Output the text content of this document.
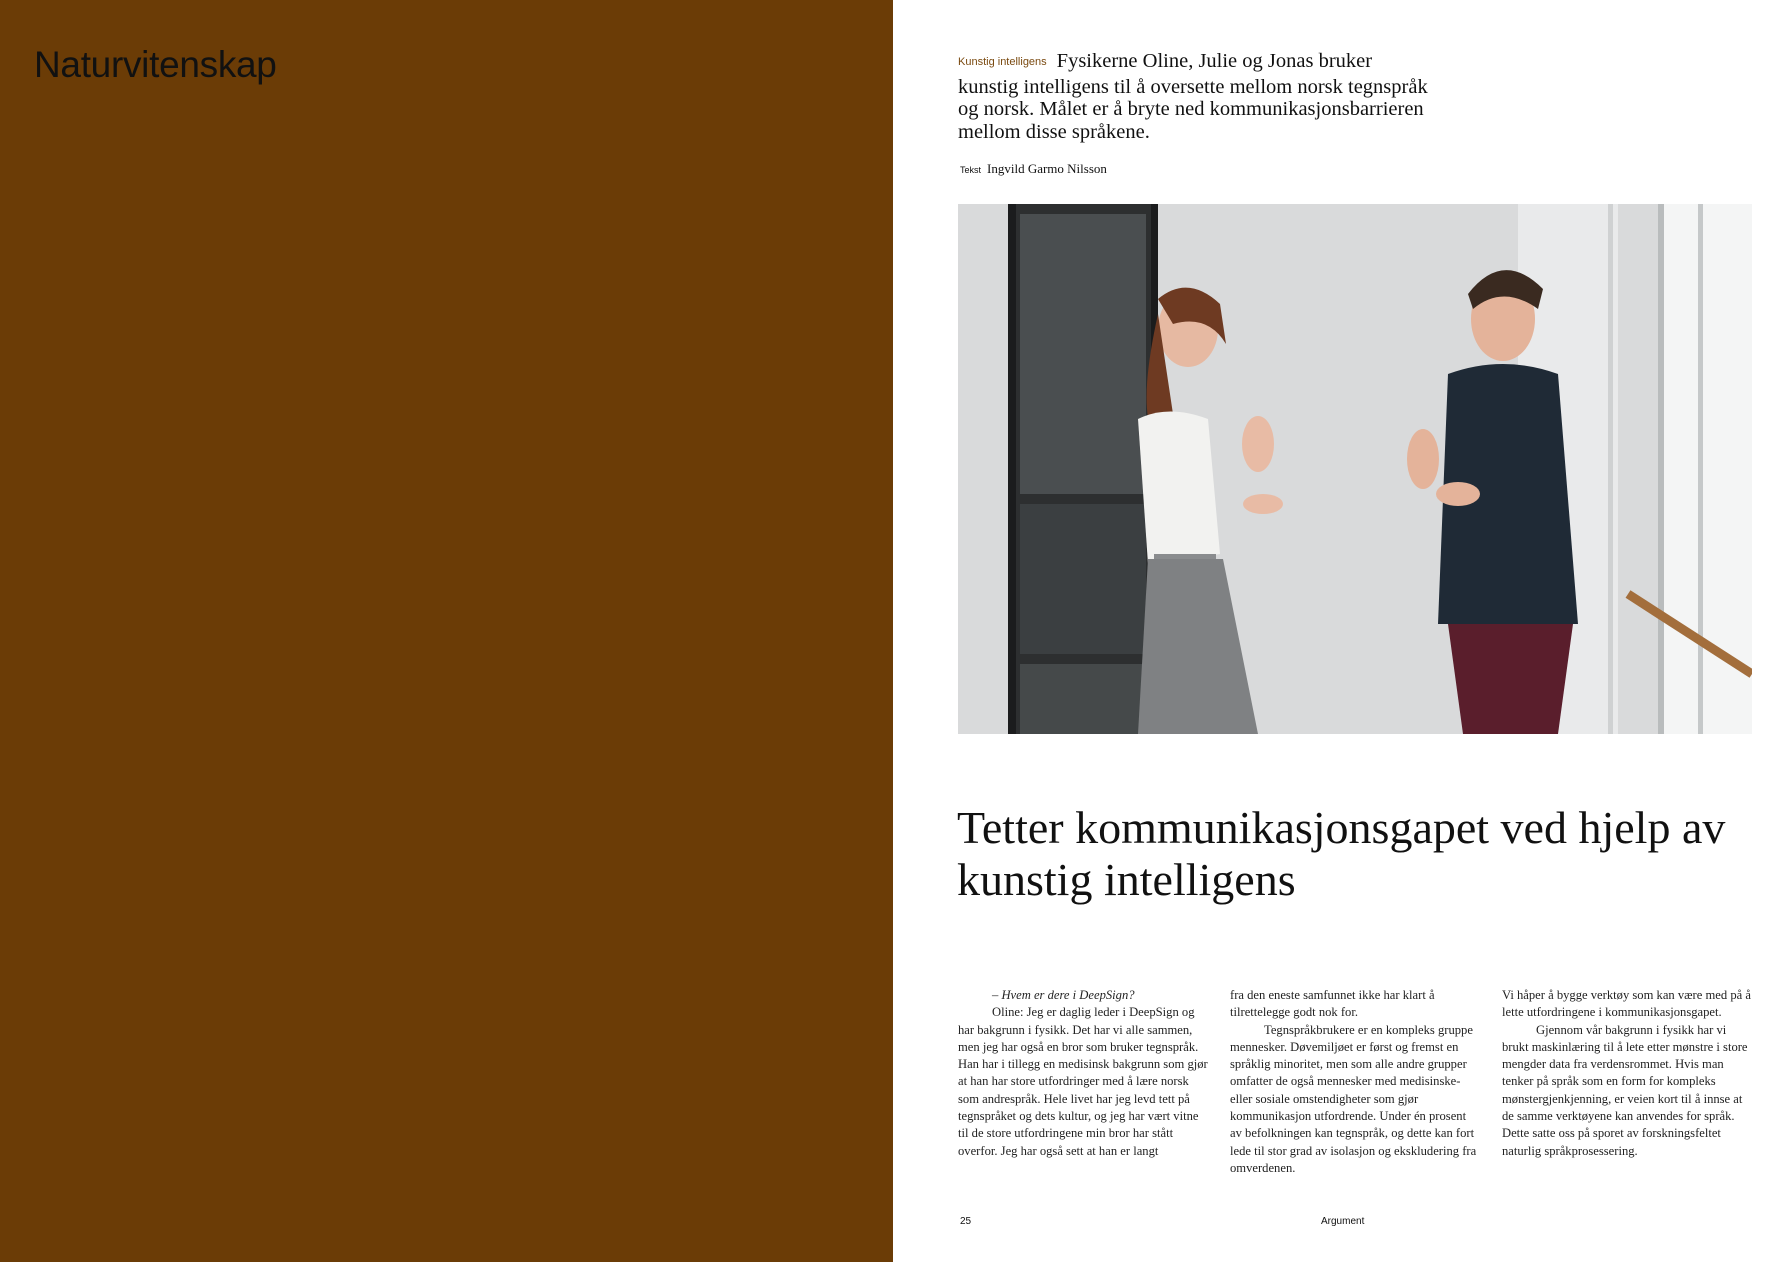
Naturvitenskap	Kunstig intelligens Fysikerne Oline, Julie og Jonas bruker kunstig intelligens til å oversette mellom norsk tegnspråk og norsk. Målet er å bryte ned kommunikasjonsbarrieren mellom disse språkene.

Tekst Ingvild Garmo Nilsson

Tetter kommunikasjonsgapet ved hjelp av kunstig intelligens

– Hvem er dere i DeepSign?

Oline: Jeg er daglig leder i DeepSign og har bakgrunn i fysikk. Det har vi alle sammen, men jeg har også en bror som bruker tegnspråk. Han har i tillegg en medisinsk bakgrunn som gjør at han har store utfordringer med å lære norsk som andrespråk. Hele livet har jeg levd tett på tegnspråket og dets kultur, og jeg har vært vitne til de store utfordringene min bror har stått overfor. Jeg har også sett at han er langt

fra den eneste samfunnet ikke har klart å tilrettelegge godt nok for.

Tegnspråkbrukere er en kompleks gruppe mennesker. Døvemiljøet er først og fremst en språklig minoritet, men som alle andre grupper omfatter de også mennesker med medisinske- eller sosiale omstendigheter som gjør kommunikasjon utfordrende. Under én prosent av befolkningen kan tegnspråk, og dette kan fort lede til stor grad av isolasjon og ekskludering fra omverdenen.

Vi håper å bygge verktøy som kan være med på å lette utfordringene i kommunikasjonsgapet.

Gjennom vår bakgrunn i fysikk har vi brukt maskinlæring til å lete etter mønstre i store mengder data fra verdensrommet. Hvis man tenker på språk som en form for kompleks mønstergjenkjenning, er veien kort til å innse at de samme verktøyene kan anvendes for språk. Dette satte oss på sporet av forskningsfeltet naturlig språkprosessering.

25	Argument
